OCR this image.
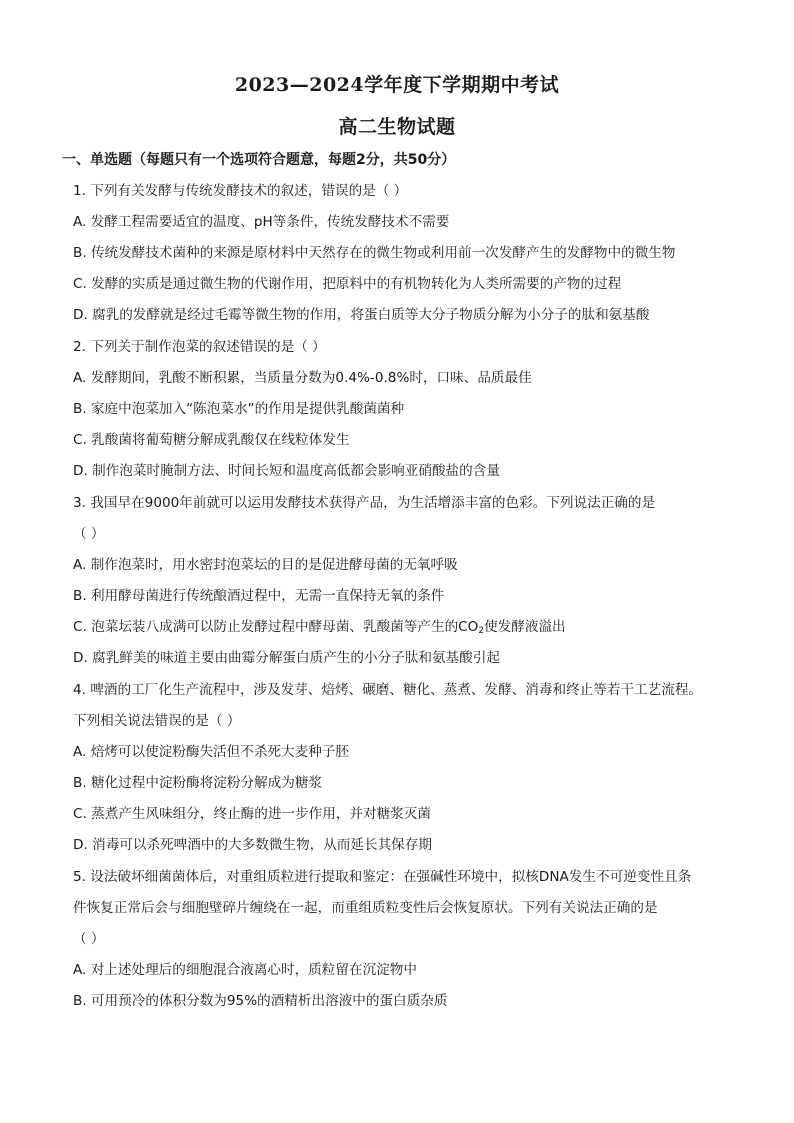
2023—2024学年度下学期期中考试
高二生物试题
一、单选题（每题只有一个选项符合题意，每题2分，共50分）
1. 下列有关发酵与传统发酵技术的叙述，错误的是（ ）
A. 发酵工程需要适宜的温度、pH等条件，传统发酵技术不需要
B. 传统发酵技术菌种的来源是原材料中天然存在的微生物或利用前一次发酵产生的发酵物中的微生物
C. 发酵的实质是通过微生物的代谢作用，把原料中的有机物转化为人类所需要的产物的过程
D. 腐乳的发酵就是经过毛霉等微生物的作用，将蛋白质等大分子物质分解为小分子的肽和氨基酸
2. 下列关于制作泡菜的叙述错误的是（ ）
A. 发酵期间，乳酸不断积累，当质量分数为0.4%-0.8%时，口味、品质最佳
B. 家庭中泡菜加入“陈泡菜水”的作用是提供乳酸菌菌种
C. 乳酸菌将葡萄糖分解成乳酸仅在线粒体发生
D. 制作泡菜时腌制方法、时间长短和温度高低都会影响亚硝酸盐的含量
3. 我国早在9000年前就可以运用发酵技术获得产品，为生活增添丰富的色彩。下列说法正确的是
（ ）
A. 制作泡菜时，用水密封泡菜坛的目的是促进酵母菌的无氧呼吸
B. 利用酵母菌进行传统酿酒过程中，无需一直保持无氧的条件
C. 泡菜坛装八成满可以防止发酵过程中酵母菌、乳酸菌等产生的$CO_2$使发酵液溢出
D. 腐乳鲜美的味道主要由曲霉分解蛋白质产生的小分子肽和氨基酸引起
4. 啤酒的工厂化生产流程中，涉及发芽、焙烤、碾磨、糖化、蒸煮、发酵、消毒和终止等若干工艺流程。
下列相关说法错误的是（ ）
A. 焙烤可以使淀粉酶失活但不杀死大麦种子胚
B. 糖化过程中淀粉酶将淀粉分解成为糖浆
C. 蒸煮产生风味组分，终止酶的进一步作用，并对糖浆灭菌
D. 消毒可以杀死啤酒中的大多数微生物，从而延长其保存期
5. 设法破坏细菌菌体后，对重组质粒进行提取和鉴定：在强碱性环境中，拟核DNA发生不可逆变性且条
件恢复正常后会与细胞壁碎片缠绕在一起，而重组质粒变性后会恢复原状。下列有关说法正确的是
（ ）
A. 对上述处理后的细胞混合液离心时，质粒留在沉淀物中
B. 可用预冷的体积分数为95%的酒精析出溶液中的蛋白质杂质
